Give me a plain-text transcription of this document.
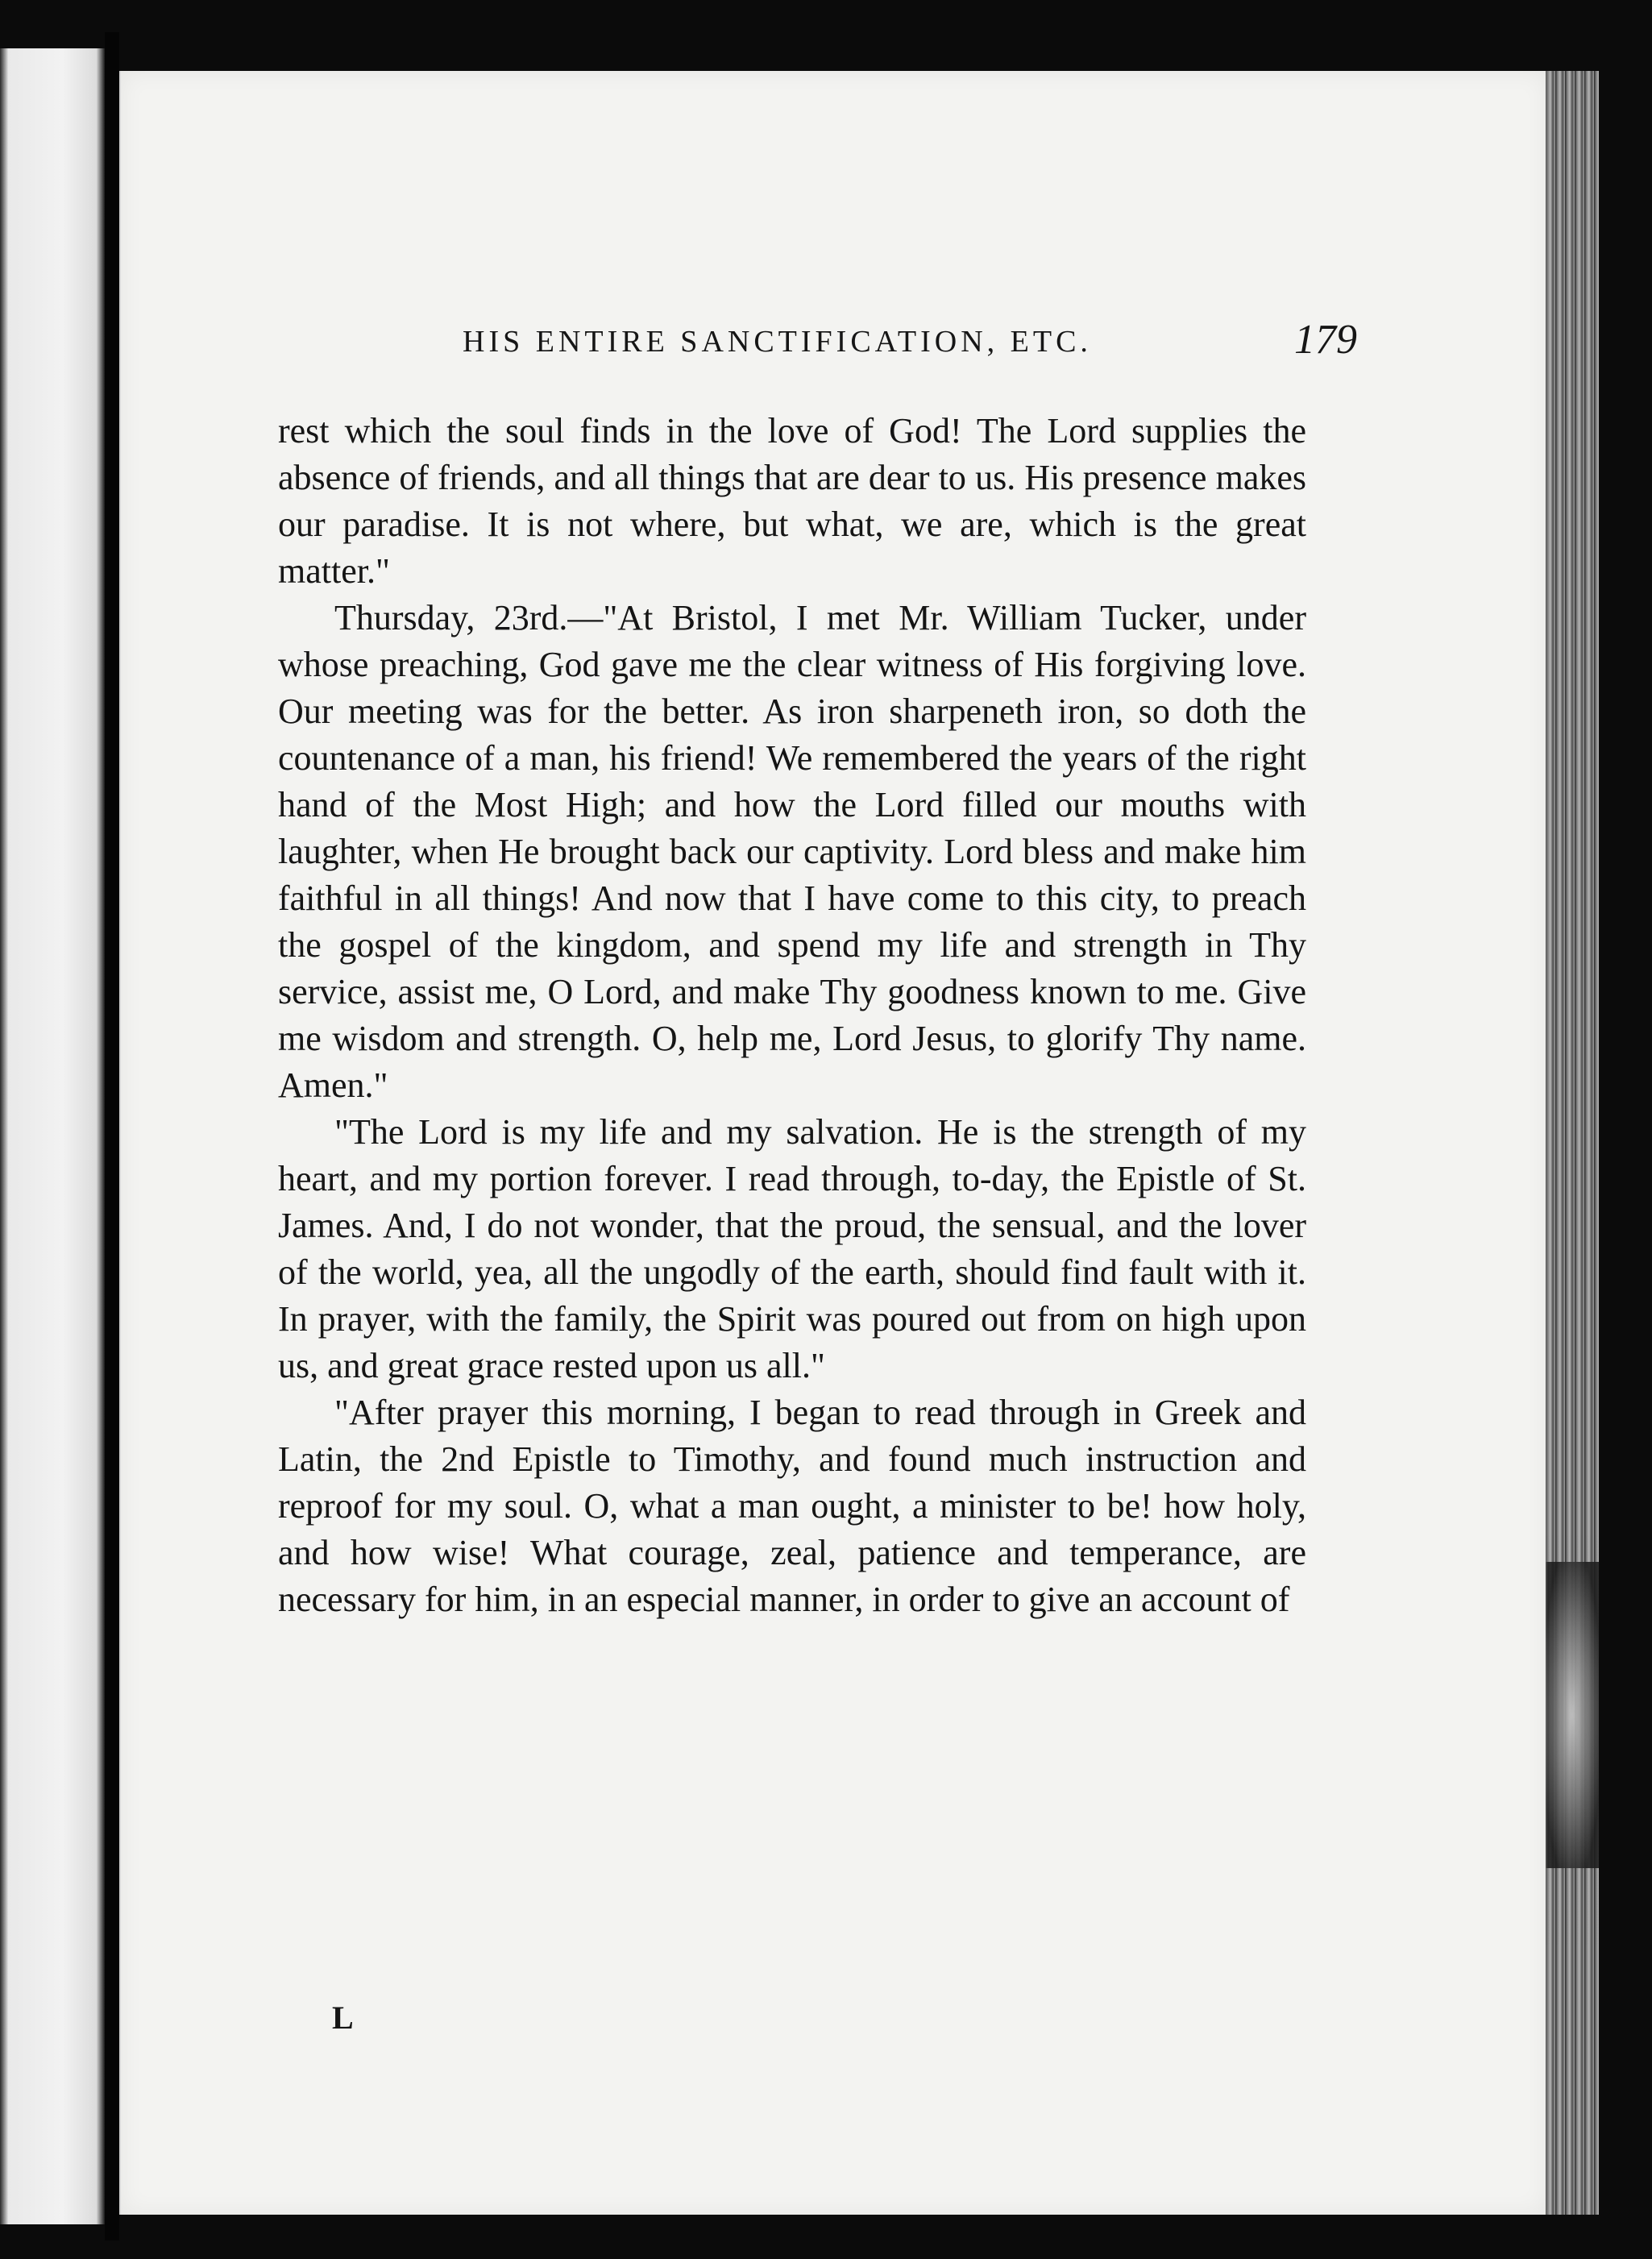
HIS ENTIRE SANCTIFICATION, ETC.	179

rest which the soul finds in the love of God! The Lord supplies the absence of friends, and all things that are dear to us. His presence makes our paradise. It is not where, but what, we are, which is the great matter."

Thursday, 23rd.—"At Bristol, I met Mr. William Tucker, under whose preaching, God gave me the clear witness of His forgiving love. Our meeting was for the better. As iron sharpeneth iron, so doth the countenance of a man, his friend! We remembered the years of the right hand of the Most High; and how the Lord filled our mouths with laughter, when He brought back our captivity. Lord bless and make him faithful in all things! And now that I have come to this city, to preach the gospel of the kingdom, and spend my life and strength in Thy service, assist me, O Lord, and make Thy goodness known to me. Give me wisdom and strength. O, help me, Lord Jesus, to glorify Thy name. Amen."

"The Lord is my life and my salvation. He is the strength of my heart, and my portion forever. I read through, to-day, the Epistle of St. James. And, I do not wonder, that the proud, the sensual, and the lover of the world, yea, all the ungodly of the earth, should find fault with it. In prayer, with the family, the Spirit was poured out from on high upon us, and great grace rested upon us all."

"After prayer this morning, I began to read through in Greek and Latin, the 2nd Epistle to Timothy, and found much instruction and reproof for my soul. O, what a man ought, a minister to be! how holy, and how wise! What courage, zeal, patience and temperance, are necessary for him, in an especial manner, in order to give an account of

L
